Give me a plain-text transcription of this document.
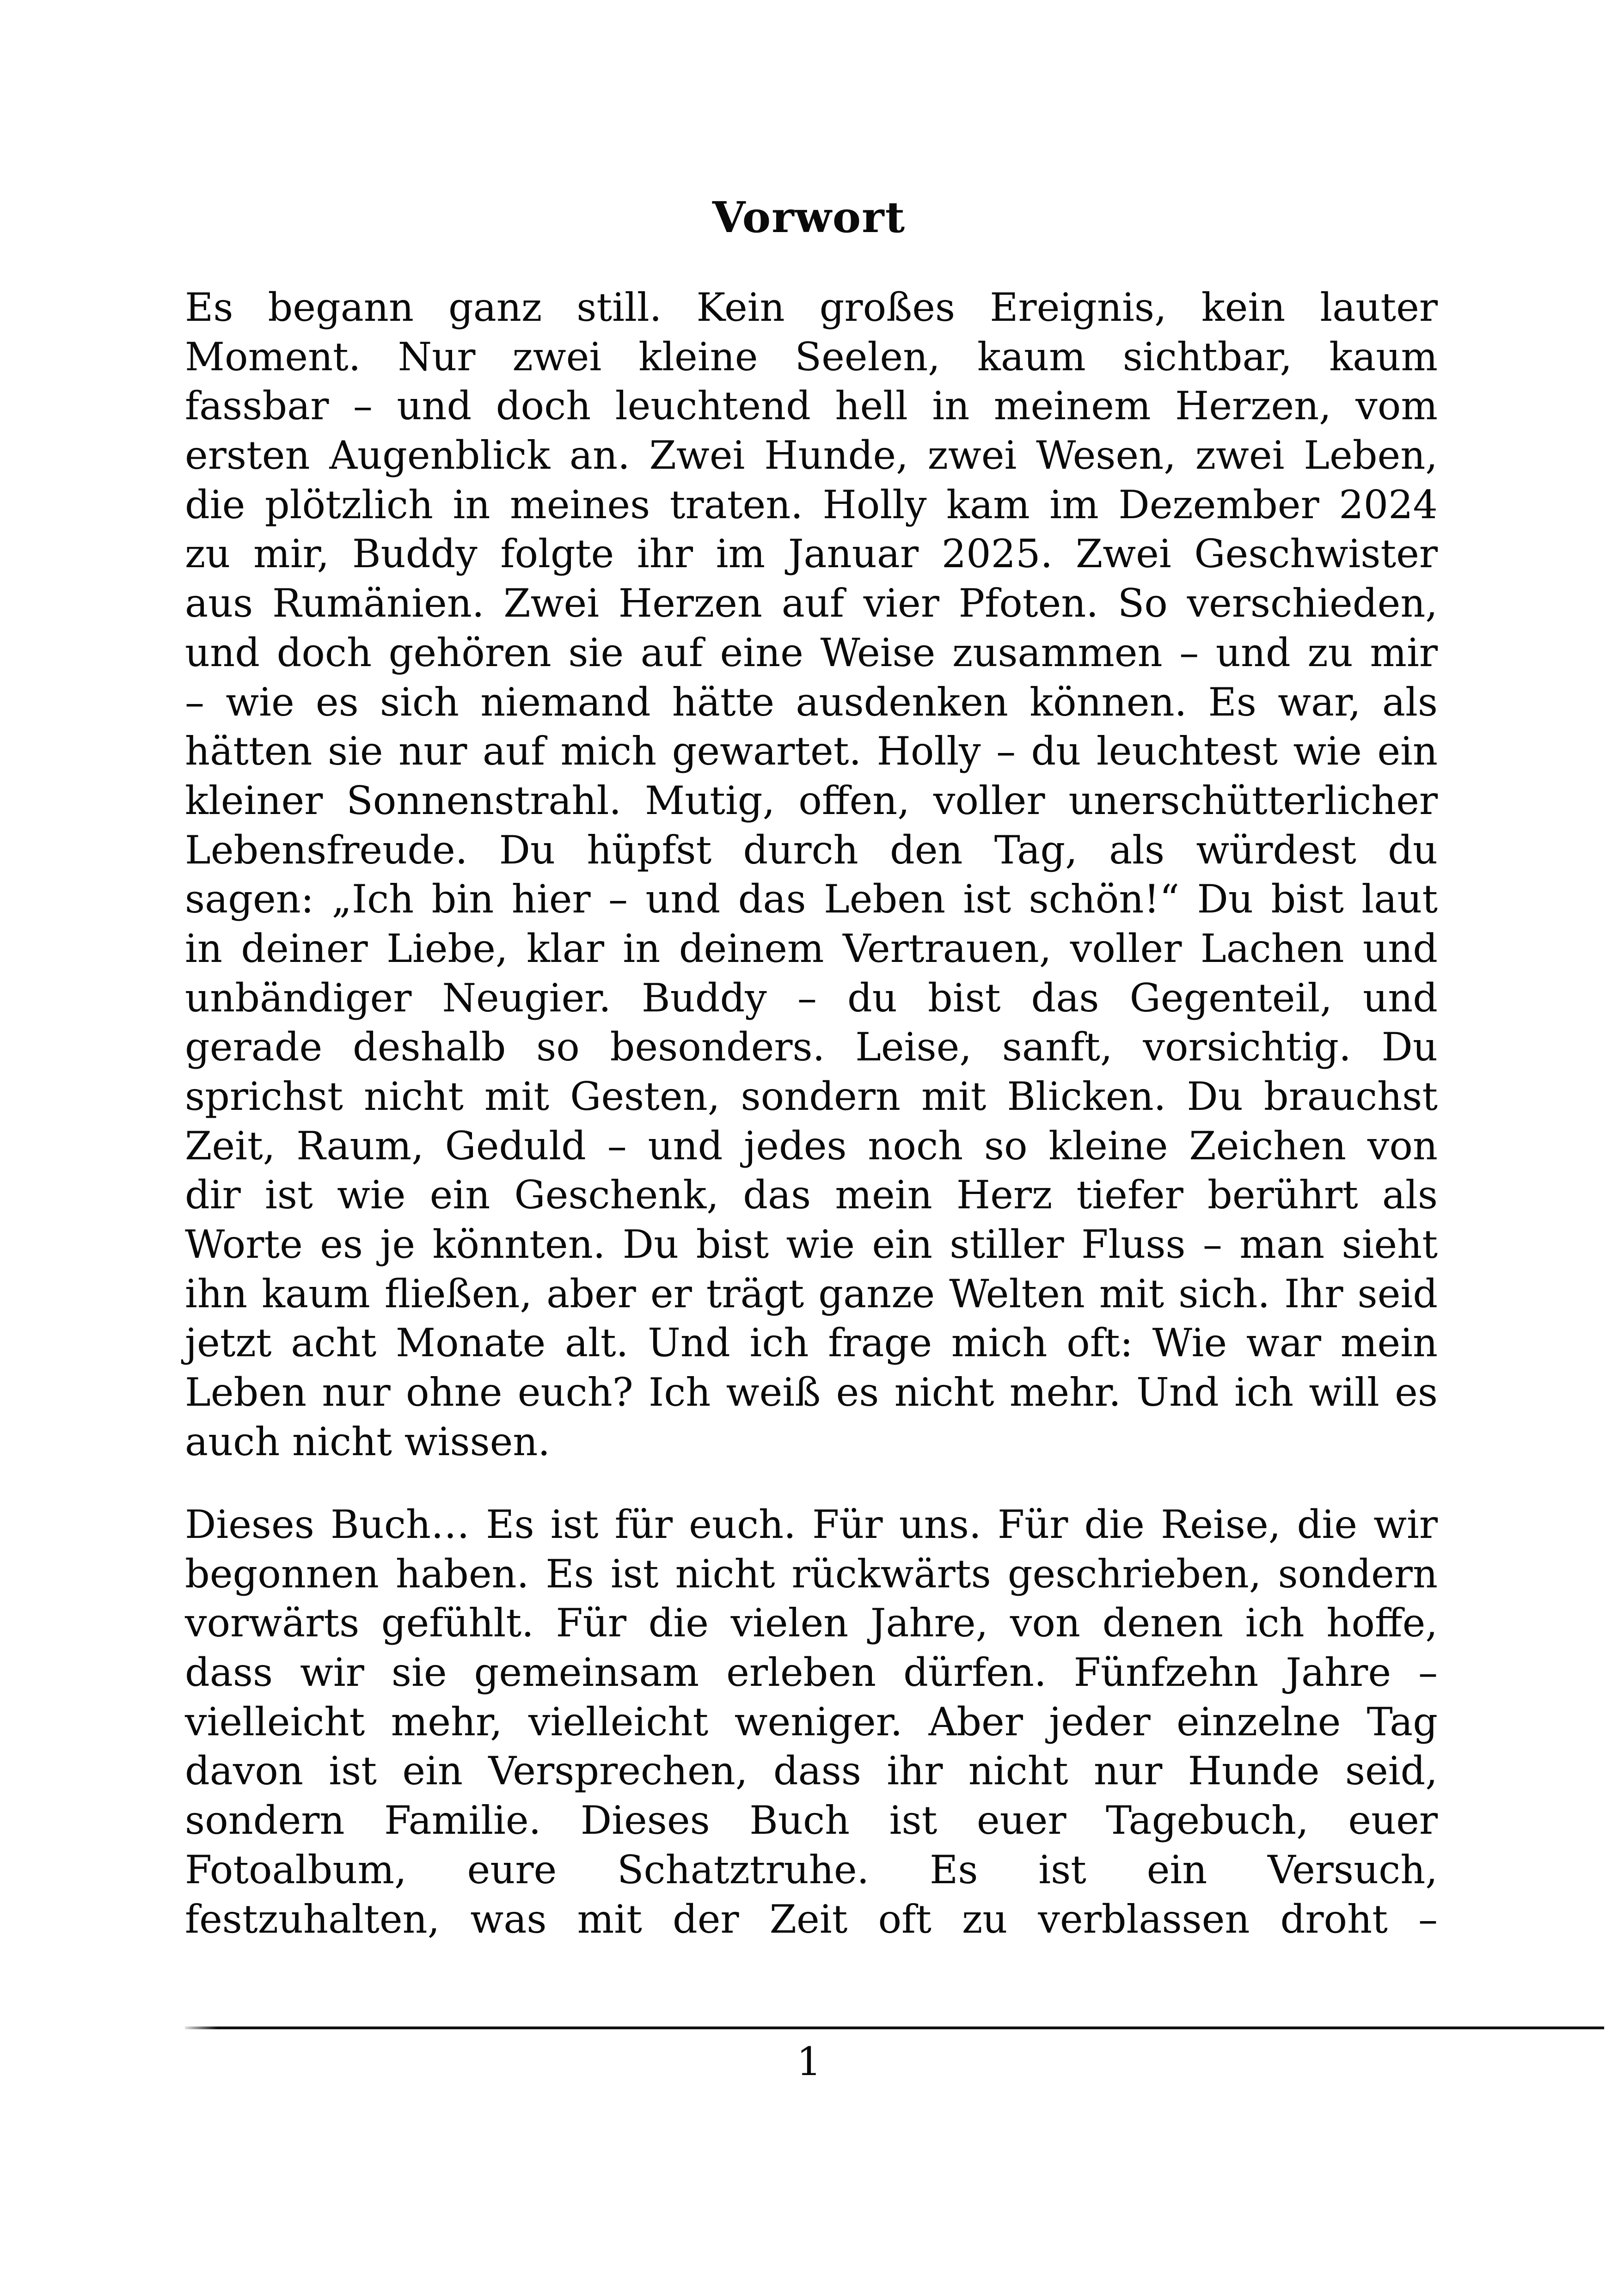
Vorwort
Es begann ganz still. Kein großes Ereignis, kein lauter
Moment. Nur zwei kleine Seelen, kaum sichtbar, kaum
fassbar – und doch leuchtend hell in meinem Herzen, vom
ersten Augenblick an. Zwei Hunde, zwei Wesen, zwei Leben,
die plötzlich in meines traten. Holly kam im Dezember 2024
zu mir, Buddy folgte ihr im Januar 2025. Zwei Geschwister
aus Rumänien. Zwei Herzen auf vier Pfoten. So verschieden,
und doch gehören sie auf eine Weise zusammen – und zu mir
– wie es sich niemand hätte ausdenken können. Es war, als
hätten sie nur auf mich gewartet. Holly – du leuchtest wie ein
kleiner Sonnenstrahl. Mutig, offen, voller unerschütterlicher
Lebensfreude. Du hüpfst durch den Tag, als würdest du
sagen: „Ich bin hier – und das Leben ist schön!“ Du bist laut
in deiner Liebe, klar in deinem Vertrauen, voller Lachen und
unbändiger Neugier. Buddy – du bist das Gegenteil, und
gerade deshalb so besonders. Leise, sanft, vorsichtig. Du
sprichst nicht mit Gesten, sondern mit Blicken. Du brauchst
Zeit, Raum, Geduld – und jedes noch so kleine Zeichen von
dir ist wie ein Geschenk, das mein Herz tiefer berührt als
Worte es je könnten. Du bist wie ein stiller Fluss – man sieht
ihn kaum fließen, aber er trägt ganze Welten mit sich. Ihr seid
jetzt acht Monate alt. Und ich frage mich oft: Wie war mein
Leben nur ohne euch? Ich weiß es nicht mehr. Und ich will es
auch nicht wissen.
Dieses Buch… Es ist für euch. Für uns. Für die Reise, die wir
begonnen haben. Es ist nicht rückwärts geschrieben, sondern
vorwärts gefühlt. Für die vielen Jahre, von denen ich hoffe,
dass wir sie gemeinsam erleben dürfen. Fünfzehn Jahre –
vielleicht mehr, vielleicht weniger. Aber jeder einzelne Tag
davon ist ein Versprechen, dass ihr nicht nur Hunde seid,
sondern Familie. Dieses Buch ist euer Tagebuch, euer
Fotoalbum, eure Schatztruhe. Es ist ein Versuch,
festzuhalten, was mit der Zeit oft zu verblassen droht –
1
